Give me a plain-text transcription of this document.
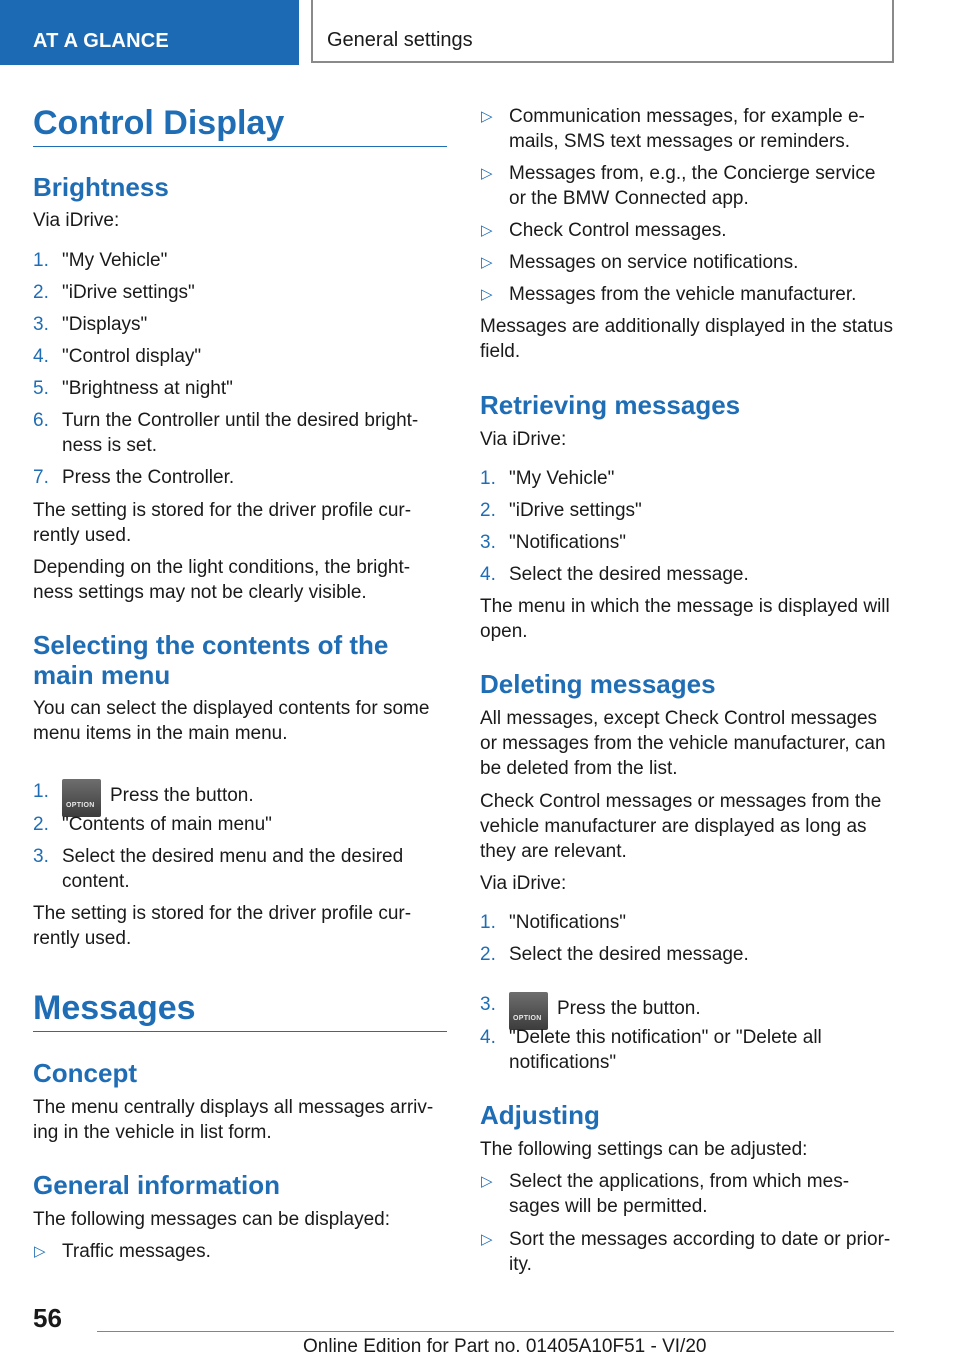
AT A GLANCE	General settings
Control Display
Brightness
Via iDrive:
1. "My Vehicle"
2. "iDrive settings"
3. "Displays"
4. "Control display"
5. "Brightness at night"
6. Turn the Controller until the desired bright-
ness is set.
7. Press the Controller.
The setting is stored for the driver profile cur-
rently used.
Depending on the light conditions, the bright-
ness settings may not be clearly visible.
Selecting the contents of the
main menu
You can select the displayed contents for some
menu items in the main menu.
1. OPTION	Press the button.
2. "Contents of main menu"
3. Select the desired menu and the desired
content.
The setting is stored for the driver profile cur-
rently used.
Messages
Concept
The menu centrally displays all messages arriv-
ing in the vehicle in list form.
General information
The following messages can be displayed:
▷ Traffic messages.
▷ Communication messages, for example e-
mails, SMS text messages or reminders.
▷ Messages from, e.g., the Concierge service
or the BMW Connected app.
▷ Check Control messages.
▷ Messages on service notifications.
▷ Messages from the vehicle manufacturer.
Messages are additionally displayed in the status
field.
Retrieving messages
Via iDrive:
1. "My Vehicle"
2. "iDrive settings"
3. "Notifications"
4. Select the desired message.
The menu in which the message is displayed will
open.
Deleting messages
All messages, except Check Control messages
or messages from the vehicle manufacturer, can
be deleted from the list.
Check Control messages or messages from the
vehicle manufacturer are displayed as long as
they are relevant.
Via iDrive:
1. "Notifications"
2. Select the desired message.
3. OPTION	Press the button.
4. "Delete this notification" or "Delete all
notifications"
Adjusting
The following settings can be adjusted:
▷ Select the applications, from which mes-
sages will be permitted.
▷ Sort the messages according to date or prior-
ity.
56
Online Edition for Part no. 01405A10F51 - VI/20
